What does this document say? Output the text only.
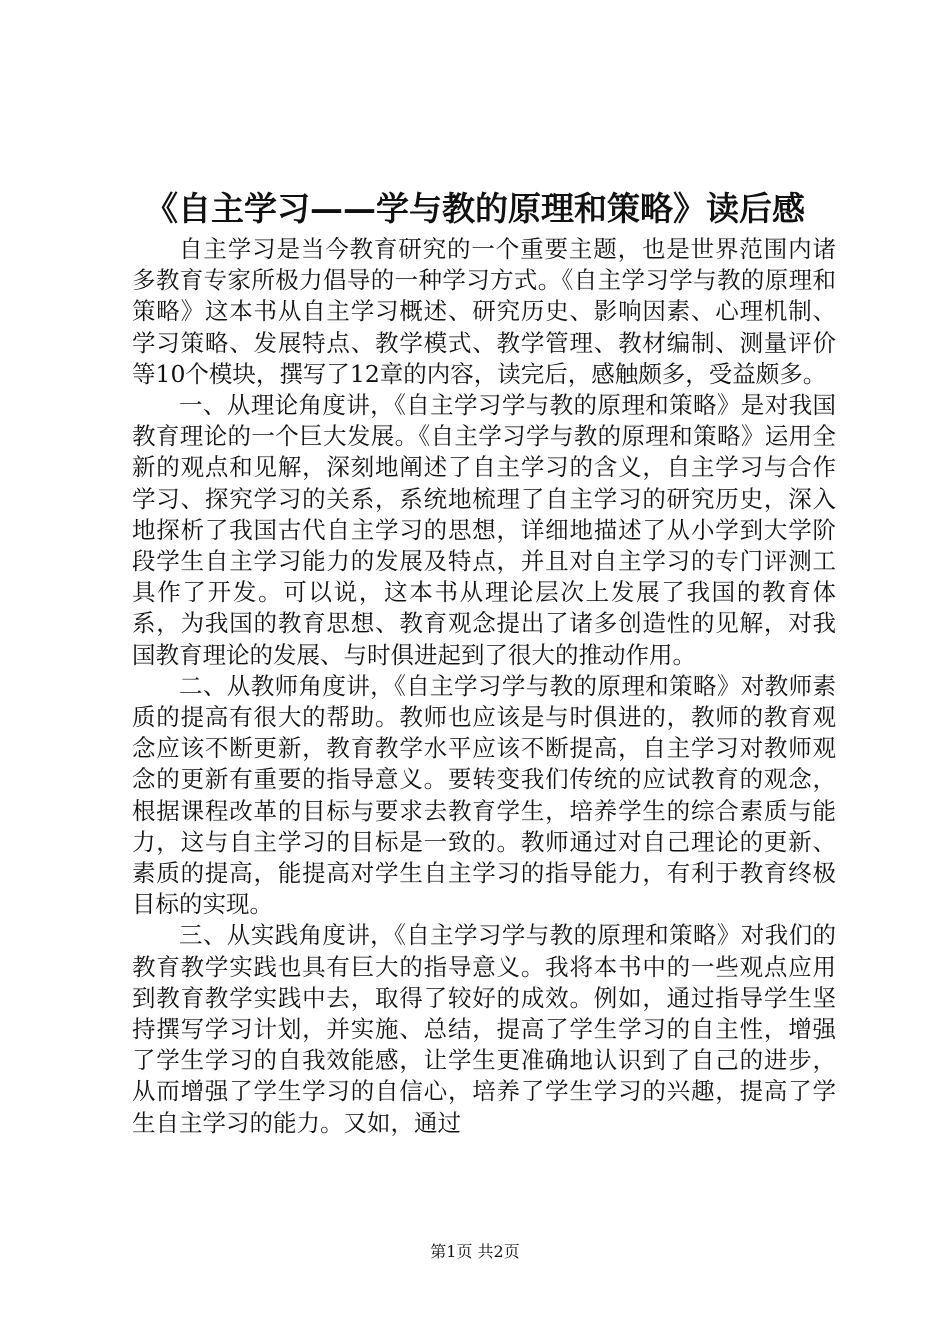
《自主学习——学与教的原理和策略》读后感

自主学习是当今教育研究的一个重要主题，也是世界范围内诸多教育专家所极力倡导的一种学习方式。《自主学习学与教的原理和策略》这本书从自主学习概述、研究历史、影响因素、心理机制、学习策略、发展特点、教学模式、教学管理、教材编制、测量评价等10个模块，撰写了12章的内容，读完后，感触颇多，受益颇多。

一、从理论角度讲，《自主学习学与教的原理和策略》是对我国教育理论的一个巨大发展。《自主学习学与教的原理和策略》运用全新的观点和见解，深刻地阐述了自主学习的含义，自主学习与合作学习、探究学习的关系，系统地梳理了自主学习的研究历史，深入地探析了我国古代自主学习的思想，详细地描述了从小学到大学阶段学生自主学习能力的发展及特点，并且对自主学习的专门评测工具作了开发。可以说，这本书从理论层次上发展了我国的教育体系，为我国的教育思想、教育观念提出了诸多创造性的见解，对我国教育理论的发展、与时俱进起到了很大的推动作用。

二、从教师角度讲，《自主学习学与教的原理和策略》对教师素质的提高有很大的帮助。教师也应该是与时俱进的，教师的教育观念应该不断更新，教育教学水平应该不断提高，自主学习对教师观念的更新有重要的指导意义。要转变我们传统的应试教育的观念，根据课程改革的目标与要求去教育学生，培养学生的综合素质与能力，这与自主学习的目标是一致的。教师通过对自己理论的更新、素质的提高，能提高对学生自主学习的指导能力，有利于教育终极目标的实现。

三、从实践角度讲，《自主学习学与教的原理和策略》对我们的教育教学实践也具有巨大的指导意义。我将本书中的一些观点应用到教育教学实践中去，取得了较好的成效。例如，通过指导学生坚持撰写学习计划，并实施、总结，提高了学生学习的自主性，增强了学生学习的自我效能感，让学生更准确地认识到了自己的进步，从而增强了学生学习的自信心，培养了学生学习的兴趣，提高了学生自主学习的能力。又如，通过

第1页 共2页
